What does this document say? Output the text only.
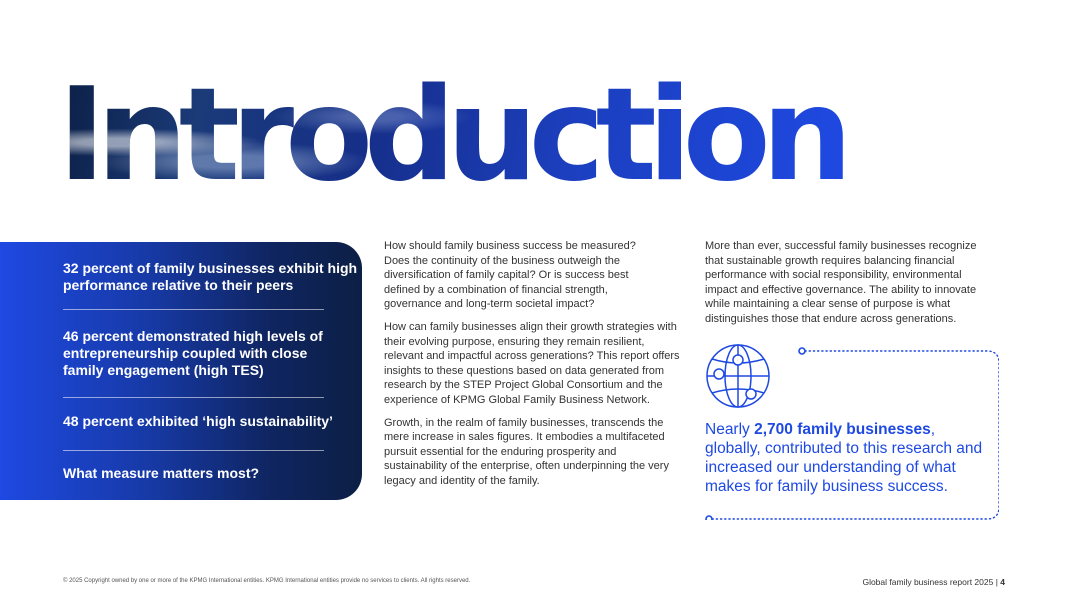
Introduction
32 percent of family businesses exhibit high performance relative to their peers
46 percent demonstrated high levels of entrepreneurship coupled with close family engagement (high TES)
48 percent exhibited ‘high sustainability’
What measure matters most?

How should family business success be measured? Does the continuity of the business outweigh the diversification of family capital? Or is success best defined by a combination of financial strength, governance and long-term societal impact?

How can family businesses align their growth strategies with their evolving purpose, ensuring they remain resilient, relevant and impactful across generations? This report offers insights to these questions based on data generated from research by the STEP Project Global Consortium and the experience of KPMG Global Family Business Network.

Growth, in the realm of family businesses, transcends the mere increase in sales figures. It embodies a multifaceted pursuit essential for the enduring prosperity and sustainability of the enterprise, often underpinning the very legacy and identity of the family.

More than ever, successful family businesses recognize that sustainable growth requires balancing financial performance with social responsibility, environmental impact and effective governance. The ability to innovate while maintaining a clear sense of purpose is what distinguishes those that endure across generations.

Nearly 2,700 family businesses, globally, contributed to this research and increased our understanding of what makes for family business success.
© 2025 Copyright owned by one or more of the KPMG International entities. KPMG International entities provide no services to clients. All rights reserved.	Global family business report 2025 | 4
